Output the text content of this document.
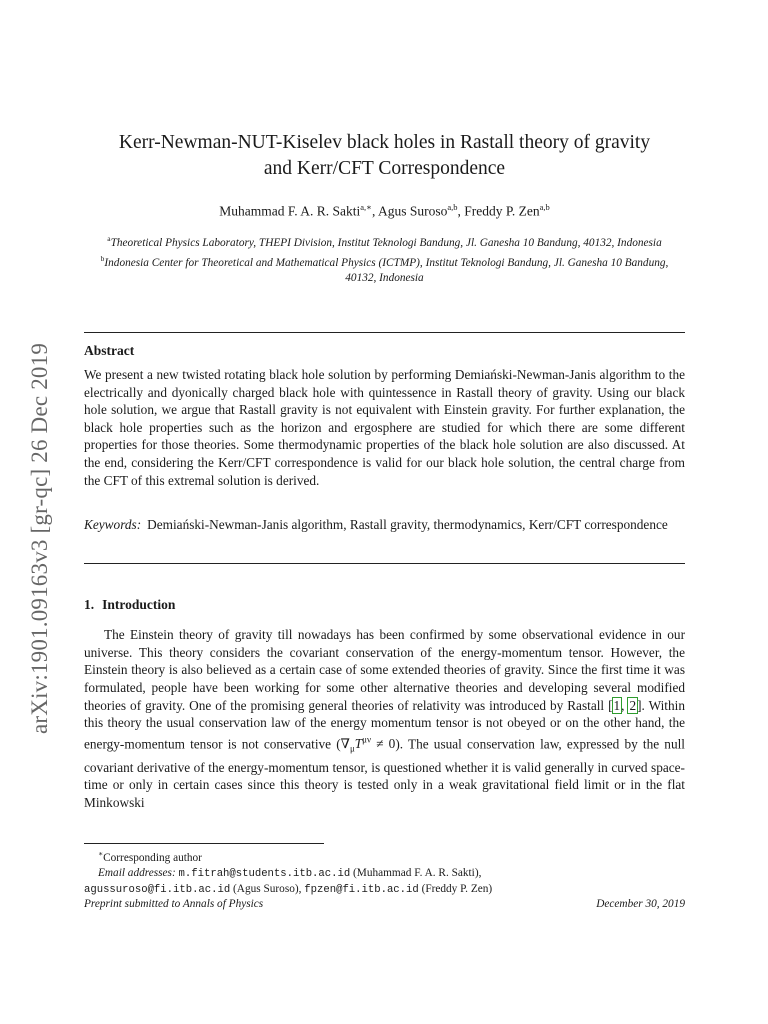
arXiv:1901.09163v3 [gr-qc] 26 Dec 2019
Kerr-Newman-NUT-Kiselev black holes in Rastall theory of gravity
and Kerr/CFT Correspondence
Muhammad F. A. R. Sakti$^{a,∗}$, Agus Suroso$^{a,b}$, Freddy P. Zen$^{a,b}$

$^a$Theoretical Physics Laboratory, THEPI Division, Institut Teknologi Bandung, Jl. Ganesha 10 Bandung, 40132, Indonesia

$^b$Indonesia Center for Theoretical and Mathematical Physics (ICTMP), Institut Teknologi Bandung, Jl. Ganesha 10 Bandung, 40132, Indonesia

Abstract

We present a new twisted rotating black hole solution by performing Demiański-Newman-Janis algorithm to the electrically and dyonically charged black hole with quintessence in Rastall theory of gravity. Using our black hole solution, we argue that Rastall gravity is not equivalent with Einstein gravity. For further explanation, the black hole properties such as the horizon and ergosphere are studied for which there are some different properties for those theories. Some thermodynamic properties of the black hole solution are also discussed. At the end, considering the Kerr/CFT correspondence is valid for our black hole solution, the central charge from the CFT of this extremal solution is derived.

Keywords: Demiański-Newman-Janis algorithm, Rastall gravity, thermodynamics, Kerr/CFT correspondence

1. Introduction

The Einstein theory of gravity till nowadays has been confirmed by some observational evidence in our universe. This theory considers the covariant conservation of the energy-momentum tensor. However, the Einstein theory is also believed as a certain case of some extended theories of gravity. Since the first time it was formulated, people have been working for some other alternative theories and developing several modified theories of gravity. One of the promising general theories of relativity was introduced by Rastall [1, 2]. Within this theory the usual conservation law of the energy momentum tensor is not obeyed or on the other hand, the energy-momentum tensor is not conservative $(\nabla_\mu T^{\mu\nu} \ne 0)$. The usual conservation law, expressed by the null covariant derivative of the energy-momentum tensor, is questioned whether it is valid generally in curved space-time or only in certain cases since this theory is tested only in a weak gravitational field limit or in the flat Minkowski

∗Corresponding author

Email addresses: m.fitrah@students.itb.ac.id (Muhammad F. A. R. Sakti),

agussuroso@fi.itb.ac.id (Agus Suroso), fpzen@fi.itb.ac.id (Freddy P. Zen)

Preprint submitted to Annals of Physics	December 30, 2019
